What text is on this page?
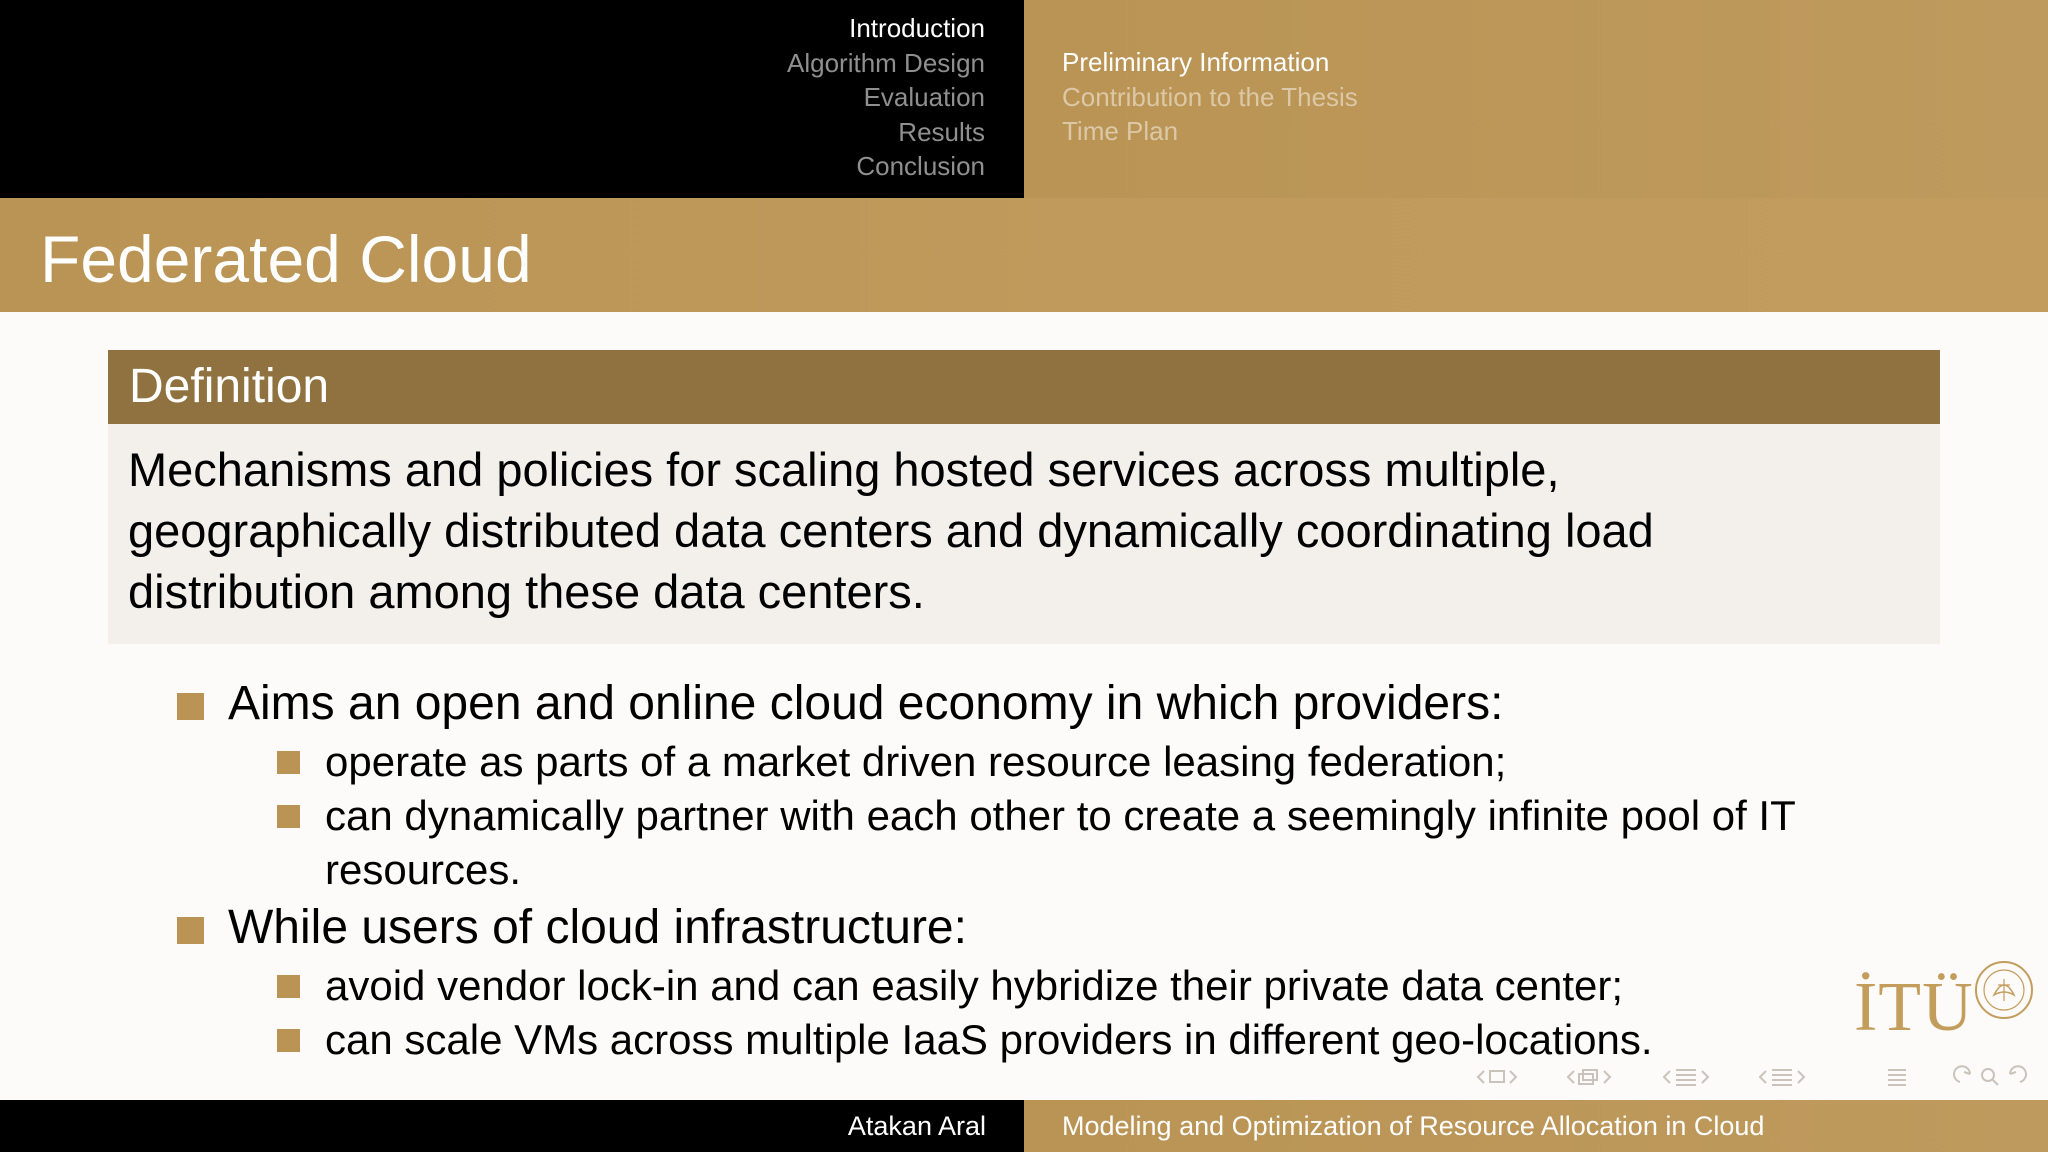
Introduction
Algorithm Design
Evaluation
Results
Conclusion
Preliminary Information
Contribution to the Thesis
Time Plan
Federated Cloud
Definition
Mechanisms and policies for scaling hosted services across multiple,
geographically distributed data centers and dynamically coordinating load
distribution among these data centers.
Aims an open and online cloud economy in which providers:
operate as parts of a market driven resource leasing federation;
can dynamically partner with each other to create a seemingly infinite pool of IT
resources.
While users of cloud infrastructure:
avoid vendor lock-in and can easily hybridize their private data center;
can scale VMs across multiple IaaS providers in different geo-locations.	İTÜ
Atakan Aral	Modeling and Optimization of Resource Allocation in Cloud
